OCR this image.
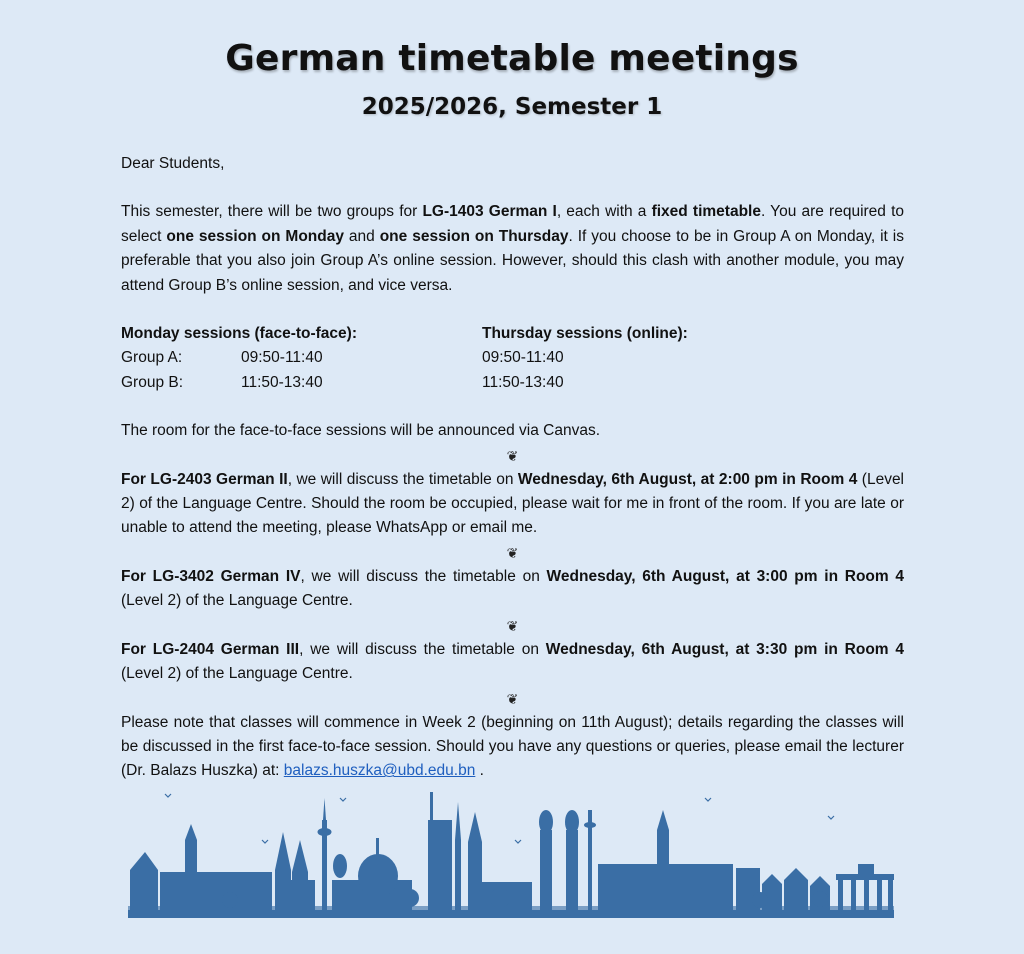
German timetable meetings
2025/2026, Semester 1

Dear Students,

This semester, there will be two groups for LG-1403 German I, each with a fixed timetable. You are required to select one session on Monday and one session on Thursday. If you choose to be in Group A on Monday, it is preferable that you also join Group A’s online session. However, should this clash with another module, you may attend Group B’s online session, and vice versa.

Monday sessions (face-to-face):
Group A:	09:50-11:40
Group B:	11:50-13:40
Thursday sessions (online):
09:50-11:40
11:50-13:40

The room for the face-to-face sessions will be announced via Canvas.

❦

For LG-2403 German II, we will discuss the timetable on Wednesday, 6th August, at 2:00 pm in Room 4 (Level 2) of the Language Centre. Should the room be occupied, please wait for me in front of the room. If you are late or unable to attend the meeting, please WhatsApp or email me.

❦

For LG-3402 German IV, we will discuss the timetable on Wednesday, 6th August, at 3:00 pm in Room 4 (Level 2) of the Language Centre.

❦

For LG-2404 German III, we will discuss the timetable on Wednesday, 6th August, at 3:30 pm in Room 4 (Level 2) of the Language Centre.

❦

Please note that classes will commence in Week 2 (beginning on 11th August); details regarding the classes will be discussed in the first face-to-face session. Should you have any questions or queries, please email the lecturer (Dr. Balazs Huszka) at: balazs.huszka@ubd.edu.bn .
